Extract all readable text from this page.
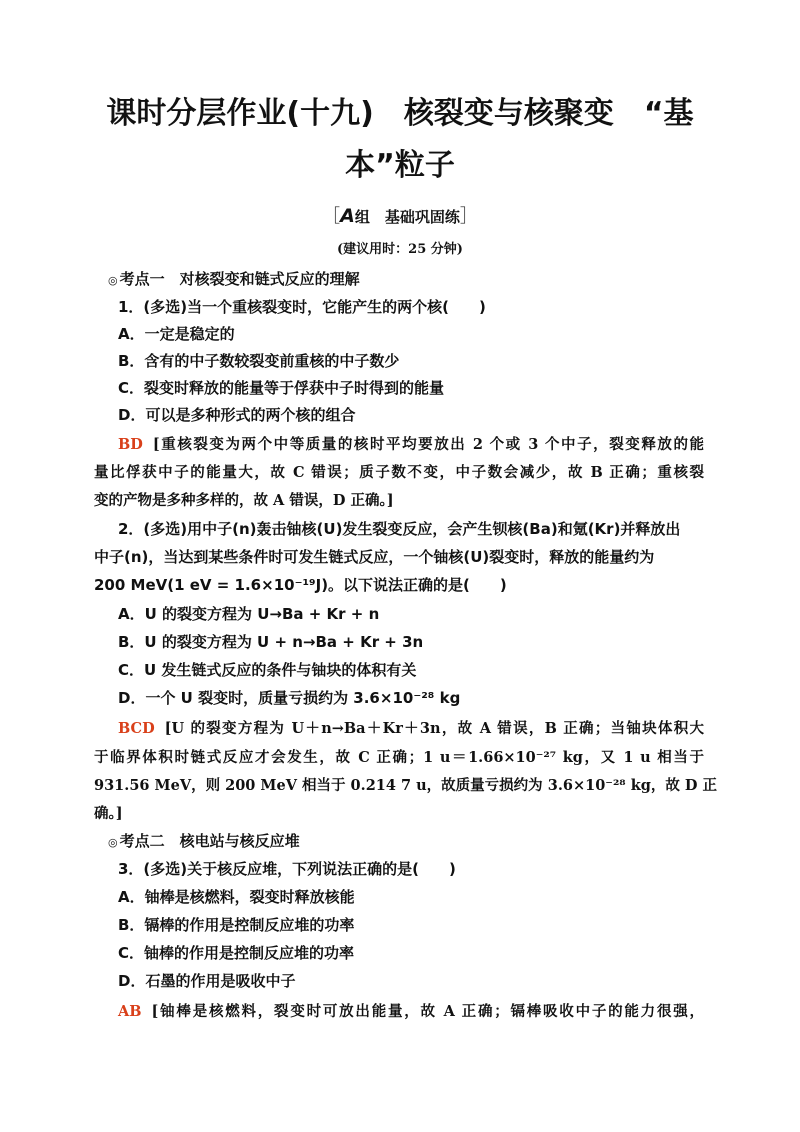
课时分层作业(十九)　核裂变与核聚变　“基
本”粒子
［A组　基础巩固练］
(建议用时：25 分钟)
◎ 考点一　对核裂变和链式反应的理解
1．(多选)当一个重核裂变时，它能产生的两个核(　　)
A．一定是稳定的
B．含有的中子数较裂变前重核的中子数少
C．裂变时释放的能量等于俘获中子时得到的能量
D．可以是多种形式的两个核的组合
BD [重核裂变为两个中等质量的核时平均要放出 2 个或 3 个中子，裂变释放的能
量比俘获中子的能量大，故 C 错误；质子数不变，中子数会减少，故 B 正确；重核裂
变的产物是多种多样的，故 A 错误，D 正确。]
2．(多选)用中子(n)轰击铀核(U)发生裂变反应，会产生钡核(Ba)和氪(Kr)并释放出
中子(n)，当达到某些条件时可发生链式反应，一个铀核(U)裂变时，释放的能量约为
200 MeV(1 eV = 1.6×10⁻¹⁹J)。以下说法正确的是(　　)
A．U 的裂变方程为 U→Ba + Kr + n
B．U 的裂变方程为 U + n→Ba + Kr + 3n
C．U 发生链式反应的条件与铀块的体积有关
D．一个 U 裂变时，质量亏损约为 3.6×10⁻²⁸ kg
BCD [U 的裂变方程为 U＋n→Ba＋Kr＋3n，故 A 错误，B 正确；当铀块体积大
于临界体积时链式反应才会发生，故 C 正确；1 u＝1.66×10⁻²⁷ kg，又 1 u 相当于
931.56 MeV，则 200 MeV 相当于 0.214 7 u，故质量亏损约为 3.6×10⁻²⁸ kg，故 D 正
确。]
◎ 考点二　核电站与核反应堆
3．(多选)关于核反应堆，下列说法正确的是(　　)
A．铀棒是核燃料，裂变时释放核能
B．镉棒的作用是控制反应堆的功率
C．铀棒的作用是控制反应堆的功率
D．石墨的作用是吸收中子
AB [铀棒是核燃料，裂变时可放出能量，故 A 正确；镉棒吸收中子的能力很强，
